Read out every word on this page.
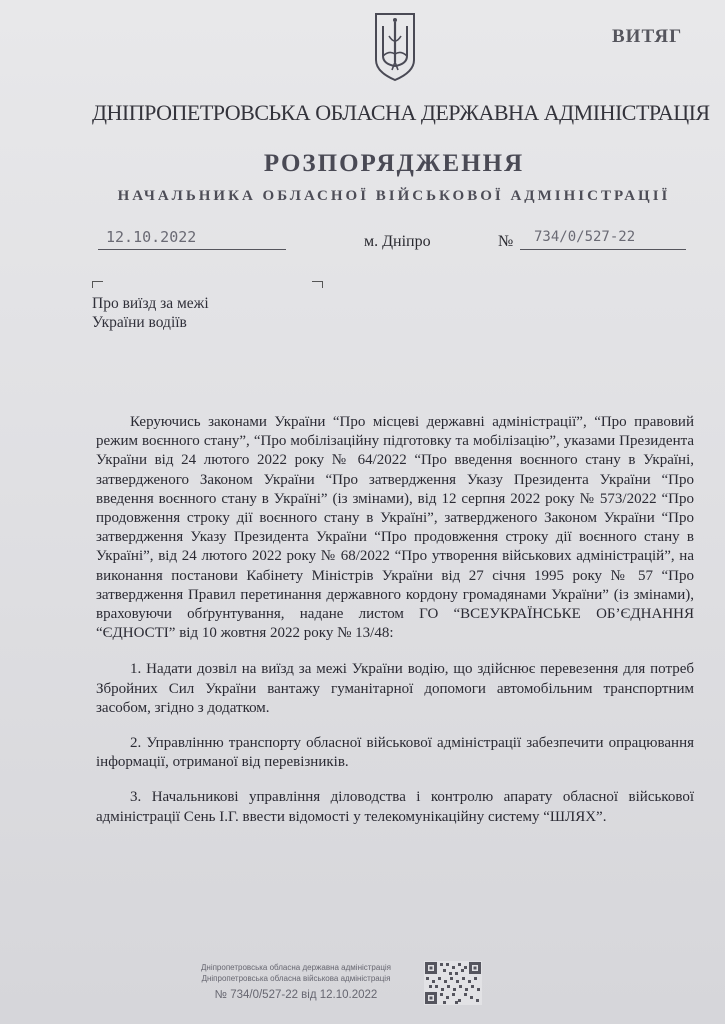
ВИТЯГ
ДНІПРОПЕТРОВСЬКА ОБЛАСНА ДЕРЖАВНА АДМІНІСТРАЦІЯ
РОЗПОРЯДЖЕННЯ
НАЧАЛЬНИКА ОБЛАСНОЇ ВІЙСЬКОВОЇ АДМІНІСТРАЦІЇ
12.10.2022	м. Дніпро	№	734/0/527-22
Про виїзд за межі
України водіїв

Керуючись законами України “Про місцеві державні адміністрації”, “Про правовий режим воєнного стану”, “Про мобілізаційну підготовку та мобілізацію”, указами Президента України від 24 лютого 2022 року № 64/2022 “Про введення воєнного стану в Україні, затвердженого Законом України “Про затвердження Указу Президента України “Про введення воєнного стану в Україні” (із змінами), від 12 серпня 2022 року № 573/2022 “Про продовження строку дії воєнного стану в Україні”, затвердженого Законом України “Про затвердження Указу Президента України “Про продовження строку дії воєнного стану в Україні”, від 24 лютого 2022 року № 68/2022 “Про утворення військових адміністрацій”, на виконання постанови Кабінету Міністрів України від 27 січня 1995 року № 57 “Про затвердження Правил перетинання державного кордону громадянами України” (із змінами), враховуючи обґрунтування, надане листом ГО “ВСЕУКРАЇНСЬКЕ ОБ’ЄДНАННЯ “ЄДНОСТІ” від 10 жовтня 2022 року № 13/48:

1. Надати дозвіл на виїзд за межі України водію, що здійснює перевезення для потреб Збройних Сил України вантажу гуманітарної допомоги автомобільним транспортним засобом, згідно з додатком.

2. Управлінню транспорту обласної військової адміністрації забезпечити опрацювання інформації, отриманої від перевізників.

3. Начальникові управління діловодства і контролю апарату обласної військової адміністрації Сень І.Г. ввести відомості у телекомунікаційну систему “ШЛЯХ”.

Дніпропетровська обласна державна адміністрація
Дніпропетровська обласна військова адміністрація
№ 734/0/527-22 від 12.10.2022
